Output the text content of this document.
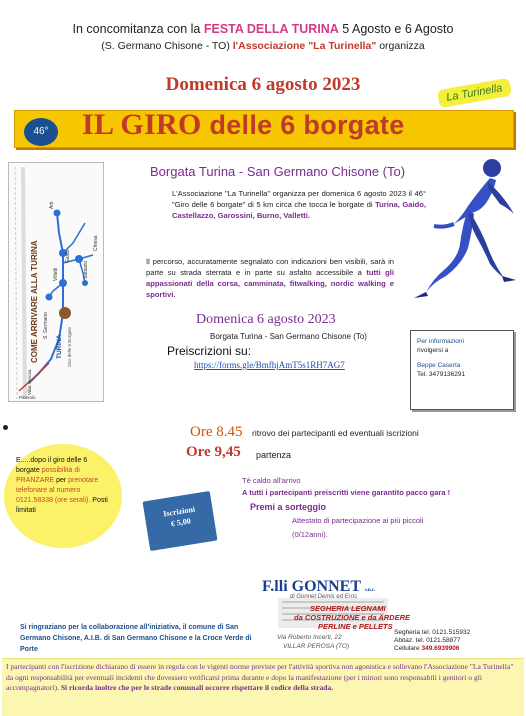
In concomitanza con la FESTA DELLA TURINA 5 Agosto e 6 Agosto
(S. Germano Chisone - TO) l'Associazione "La Turinella" organizza
Domenica 6 agosto 2023	La Turinella
46°	IL GIRO delle 6 borgate
COME ARRIVARE ALLA TURINA
Arti
Gaido
Villetti	Sabazio
Chiesa
S. Germano
TURINA Giro delle 6 Borgate
Villar Perosa
Pinerolo
Borgata Turina - San Germano Chisone (To)
L'Associazione "La Turinella" organizza per domenica 6 agosto 2023 il 46° "Giro delle 6 borgate" di 5 km circa che tocca le borgate di Turina, Gaido, Castellazzo, Garossini, Burno, Valletti.
Il percorso, accuratamente segnalato con indicazioni ben visibili, sarà in parte su strada sterrata e in parte su asfalto accessibile a tutti gli appassionati della corsa, camminata, fitwalking, nordic walking e sportivi.
Domenica 6 agosto 2023
Borgata Turina - San Germano Chisone (To)
Preiscrizioni su:
https://forms.gle/BmfhjAmT5s1RH7AG7
Per informazioni
rivolgersi a
Beppe Caserta
Tel. 3479136291
Ore 8.45 ritrovo dei partecipanti ed eventuali iscrizioni
Ore 9,45 partenza
E.....dopo il giro delle 6 borgate possibilità di PRANZARE per prenotare telefonare al numero 0121.58338 (ore serali). Posti limitati	Iscrizioni
€ 5,00
Tè caldo all'arrivo
A tutti i partecipanti preiscritti viene garantito pacco gara !
Premi a sorteggio
Attestato di partecipazione ai più piccoli
(0/12anni).
F.lli GONNET s.n.c.
di Gonnet Demis ed Eros
SEGHERIA LEGNAMI
da COSTRUZIONE e da ARDERE
PERLINE e PELLETS
Via Roberto Incerti, 22
VILLAR PEROSA (TO)
Segheria tel. 0121.515932
Abitaz. tel. 0121.58877
Cellulare 349.6939906
Si ringraziano per la collaborazione all'iniziativa, il comune di San Germano Chisone, A.I.B. di San Germano Chisone e la Croce Verde di Porte
I partecipanti con l'iscrizione dichiarano di essere in regola con le vigenti norme previste per l'attività sportiva non agonistica e sollevano l'Associazione "La Turinella" da ogni responsabilità per eventuali incidenti che dovessero verificarsi prima durante e dopo la manifestazione (per i minori sono responsabili i genitori o gli accompagnatori). Si ricorda inoltre che per le strade comunali occorre rispettare il codice della strada.
